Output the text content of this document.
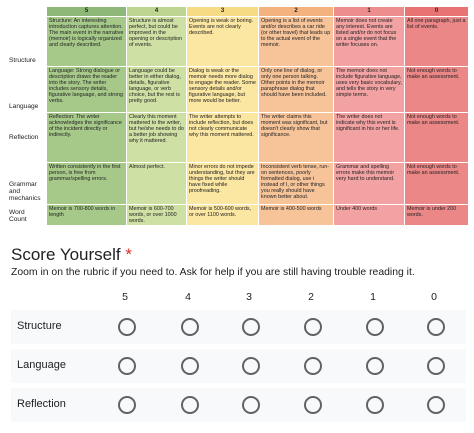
	5	4	3	2	1	0
Structure	Structure: An interesting introduction captures attention. The main event in the narrative (memoir) is logically organized and clearly described.	Structure is almost perfect, but could be improved in the opening or description of events.	Opening is weak or boring. Events are not clearly described.	Opening is a list of events and/or describes a car ride (or other travel) that leads up to the actual event of the memoir.	Memoir does not create any interest. Events are listed and/or do not focus on a single event that the writer focuses on.	All one paragraph, just a list of events.
Language	Language: Strong dialogue or description draws the reader into the story. The writer includes sensory details, figurative language, and strong verbs.	Language could be better in either dialog, details, figurative language, or verb choice, but the rest is pretty good.	Dialog is weak or the memoir needs more dialog to engage the reader. Some sensory details and/or figurative language, but more would be better.	Only one line of dialog, or only one person talking. Other points in the memoir paraphrase dialog that should have been included.	The memoir does not include figurative language, uses very basic vocabulary, and tells the story in very simple terms.	Not enough words to make an assessment.
Reflection	Reflection: The writer acknowledges the significance of the incident directly or indirectly.	Clearly this moment mattered to the writer, but he/she needs to do a better job showing why it mattered.	The writer attempts to include reflection, but does not clearly communicate why this moment mattered.	The writer claims this moment was significant, but doesn't clearly show that significance.	The writer does not indicate why this event is significant in his or her life.	Not enough words to make an assessment.
Grammar and mechanics	Written consistently in the first person, is free from grammar/spelling errors.	Almost perfect.	Minor errors do not impede understanding, but they are things the writer should have fixed while proofreading.	Inconsistent verb tense, run-on sentences, poorly formatted dialog, use i instead of I, or other things you really should have known better about.	Grammar and spelling errors make this memoir very hard to understand.	Not enough words to make an assessment.
Word Count	Memoir is 700-800 words in length	Memoir is 600-700 words, or over 1000 words.	Memoir is 500-600 words, or over 1100 words.	Memoir is 400-500 words	Under 400 words	Memoir is under 200 words.
Score Yourself *
Zoom in on the rubric if you need to. Ask for help if you are still having trouble reading it.
5	4	3	2	1	0
Structure
Language
Reflection
